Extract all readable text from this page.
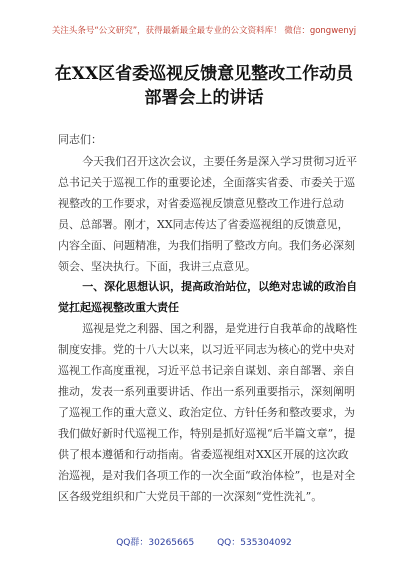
关注头条号“公文研究”，获得最新最全最专业的公文资料库！ 微信：gongwenyj
在XX区省委巡视反馈意见整改工作动员
部署会上的讲话
同志们：

今天我们召开这次会议，主要任务是深入学习贯彻习近平总书记关于巡视工作的重要论述，全面落实省委、市委关于巡视整改的工作要求，对省委巡视反馈意见整改工作进行总动员、总部署。刚才，XX同志传达了省委巡视组的反馈意见，内容全面、问题精准，为我们指明了整改方向。我们务必深刻领会、坚决执行。下面，我讲三点意见。

一、深化思想认识，提高政治站位，以绝对忠诚的政治自觉扛起巡视整改重大责任

巡视是党之利器、国之利器，是党进行自我革命的战略性制度安排。党的十八大以来，以习近平同志为核心的党中央对巡视工作高度重视，习近平总书记亲自谋划、亲自部署、亲自推动，发表一系列重要讲话、作出一系列重要指示，深刻阐明了巡视工作的重大意义、政治定位、方针任务和整改要求，为我们做好新时代巡视工作，特别是抓好巡视“后半篇文章”，提供了根本遵循和行动指南。省委巡视组对XX区开展的这次政治巡视，是对我们各项工作的一次全面“政治体检”，也是对全区各级党组织和广大党员干部的一次深刻“党性洗礼”。

QQ群：30265665	QQ：535304092
